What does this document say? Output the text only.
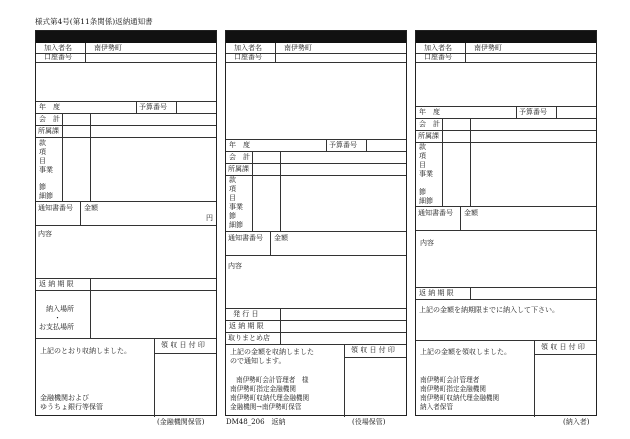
様式第4号(第11条関係)返納通知書
加入者名	南伊勢町
口座番号
年　度	予算番号
会　計
所属課
款
項
目
事業
節
細節
通知書番号 金額
円
内容
返 納 期 限
納入場所
・
お支払場所
上記のとおり収納しました。
領 収 日 付 印
金融機関および
ゆうちょ銀行等保管
(金融機関保管)
加入者名	南伊勢町
口座番号
年　度	予算番号
会　計
所属課
款
項
目
事業
節
細節
通知書番号 金額
内容
発 行 日
返 納 期 限
取りまとめ店
上記の金額を収納しました
ので通知します。
領 収 日 付 印
南伊勢町会計管理者　様
南伊勢町指定金融機関
南伊勢町収納代理金融機関
金融機関→南伊勢町保管
DM48_206　返納	(役場保管)
加入者名	南伊勢町
口座番号
年　度	予算番号
会　計
所属課
款
項
目
事業
節
細節
通知書番号 金額
内容
返 納 期 限
上記の金額を納期限までに納入して下さい。
上記の金額を領収しました。
領 収 日 付 印
南伊勢町会計管理者
南伊勢町指定金融機関
南伊勢町収納代理金融機関
納入者保管
(納入者)
